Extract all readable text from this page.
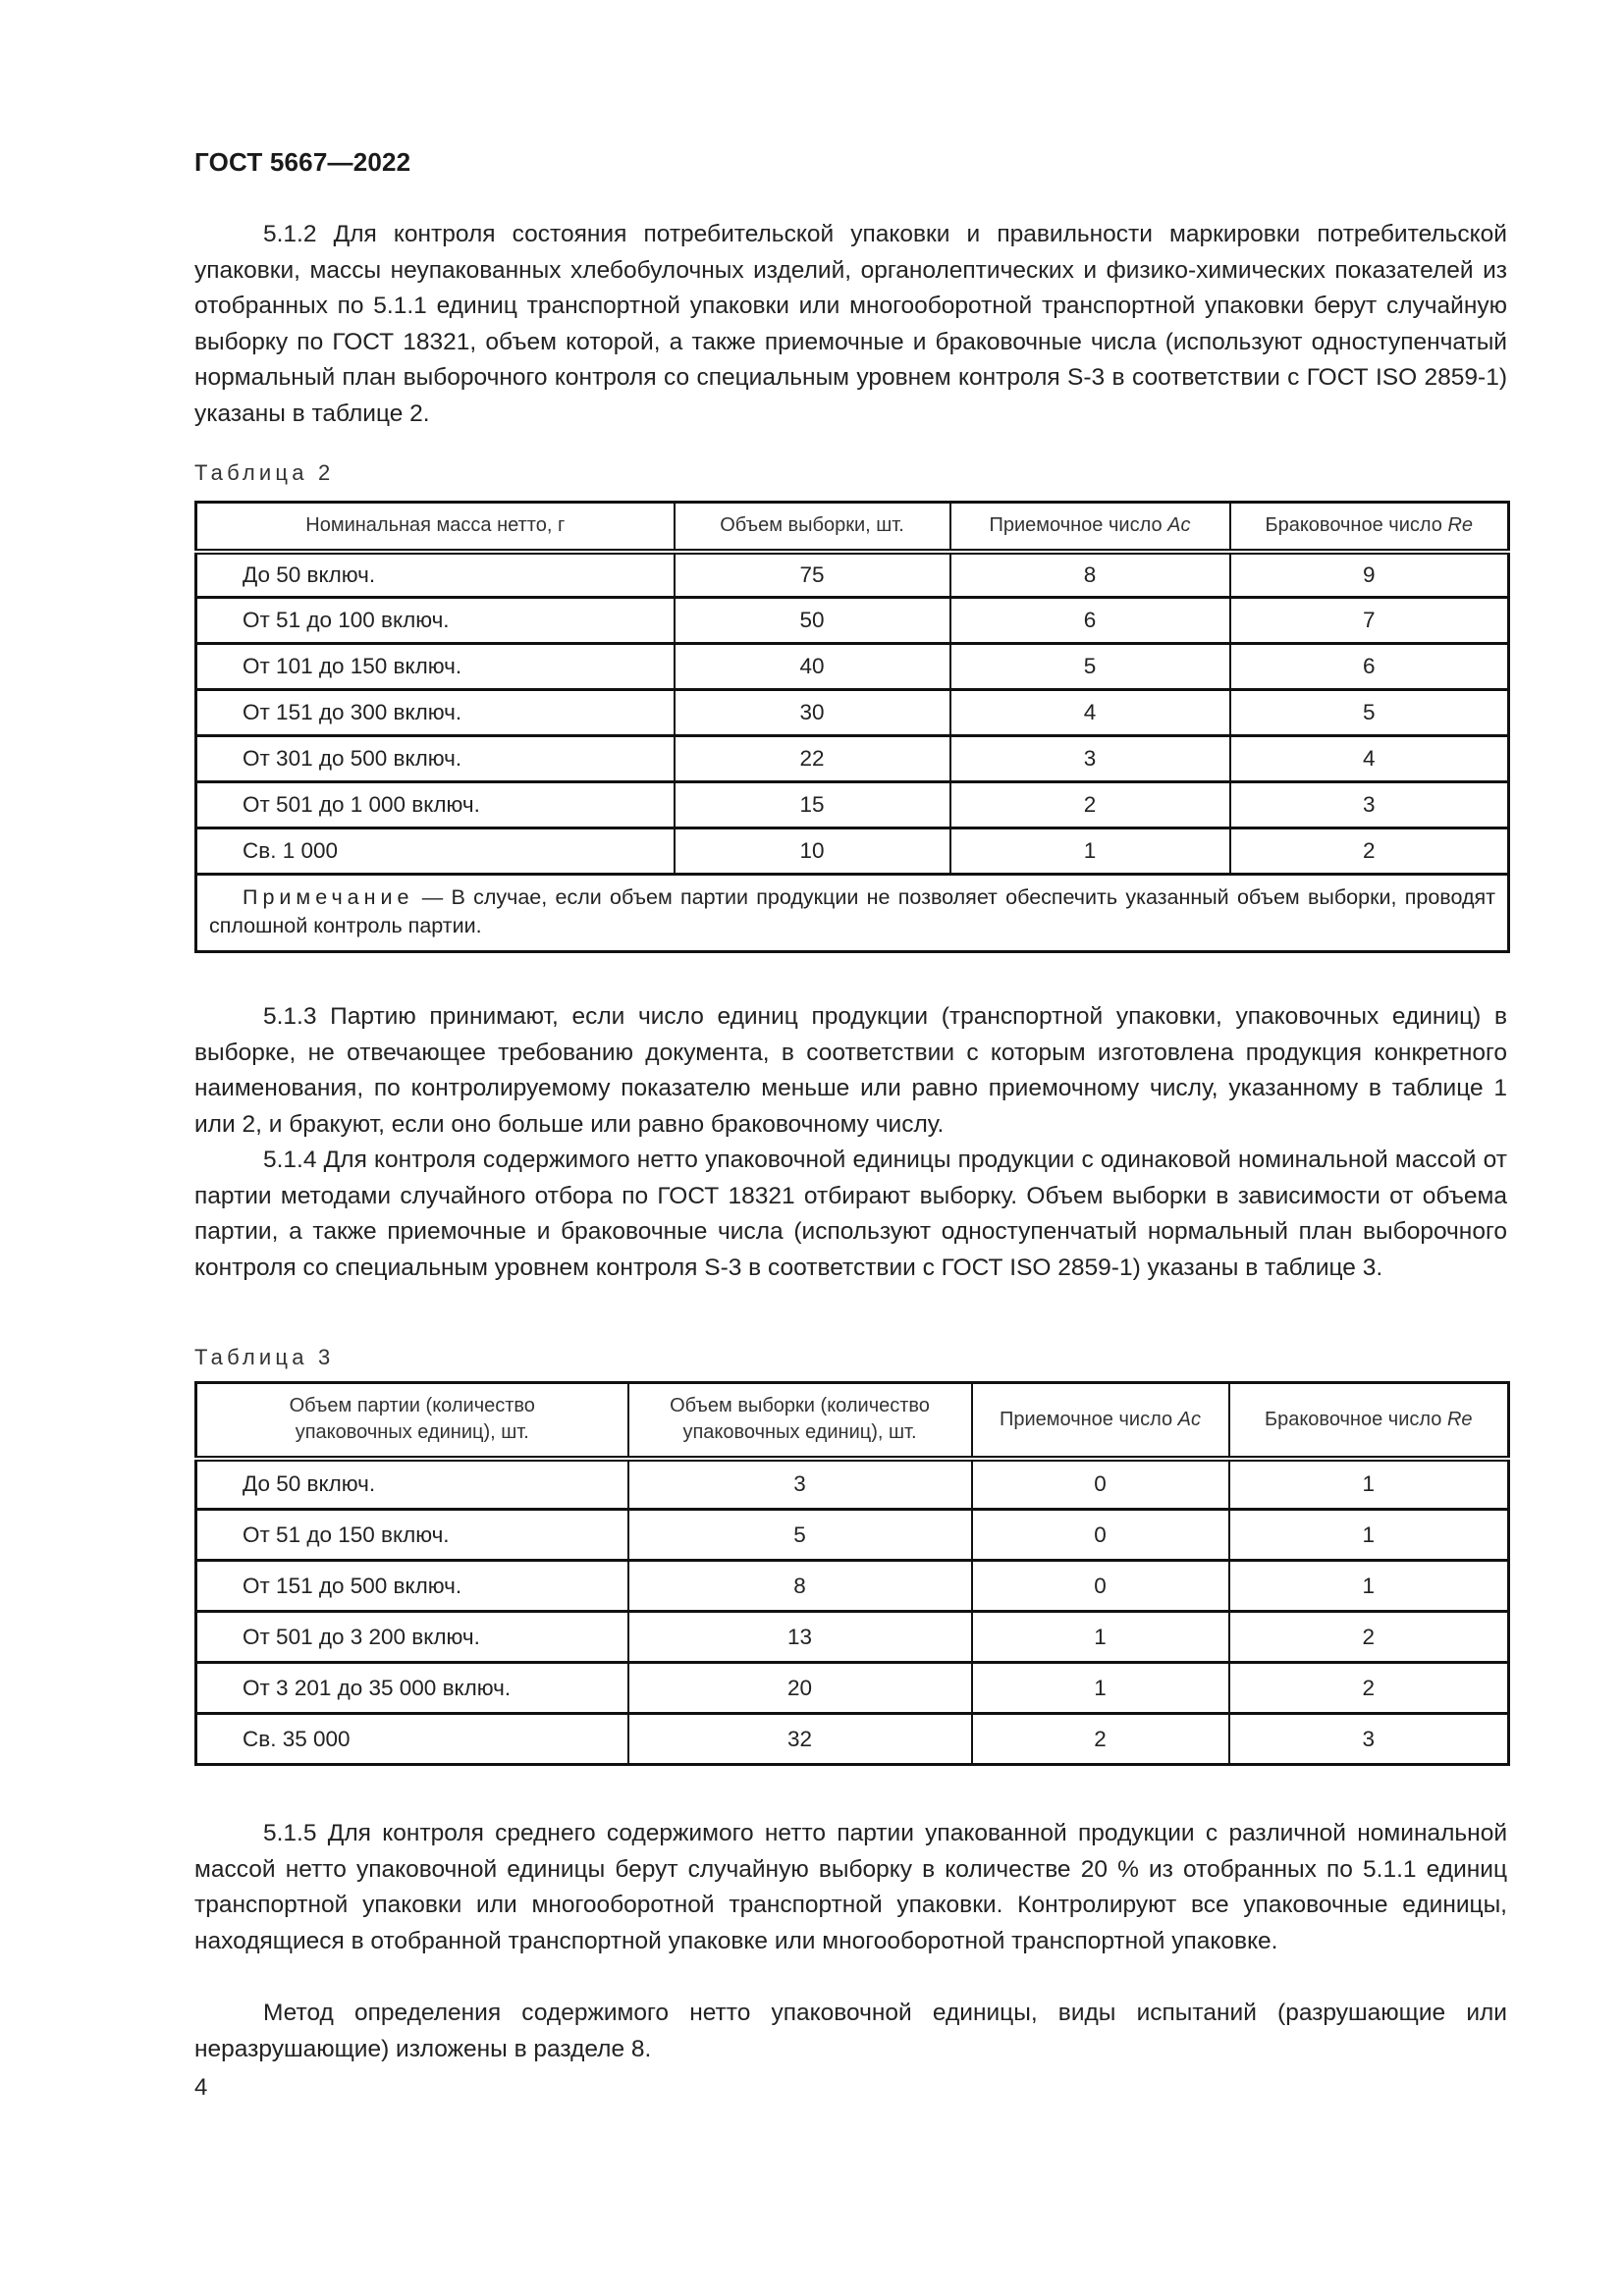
ГОСТ 5667—2022

5.1.2 Для контроля состояния потребительской упаковки и правильности маркировки потребительской упаковки, массы неупакованных хлебобулочных изделий, органолептических и физико-химических показателей из отобранных по 5.1.1 единиц транспортной упаковки или многооборотной транспортной упаковки берут случайную выборку по ГОСТ 18321, объем которой, а также приемочные и браковочные числа (используют одноступенчатый нормальный план выборочного контроля со специальным уровнем контроля S-3 в соответствии с ГОСТ ISO 2859-1) указаны в таблице 2.

Таблица 2
Номинальная масса нетто, г	Объем выборки, шт.	Приемочное число Ac	Браковочное число Re
До 50 включ.	75	8	9
От 51 до 100 включ.	50	6	7
От 101 до 150 включ.	40	5	6
От 151 до 300 включ.	30	4	5
От 301 до 500 включ.	22	3	4
От 501 до 1 000 включ.	15	2	3
Св. 1 000	10	1	2
Примечание — В случае, если объем партии продукции не позволяет обеспечить указанный объем выборки, проводят сплошной контроль партии.			

5.1.3 Партию принимают, если число единиц продукции (транспортной упаковки, упаковочных единиц) в выборке, не отвечающее требованию документа, в соответствии с которым изготовлена продукция конкретного наименования, по контролируемому показателю меньше или равно приемочному числу, указанному в таблице 1 или 2, и бракуют, если оно больше или равно браковочному числу.

5.1.4 Для контроля содержимого нетто упаковочной единицы продукции с одинаковой номинальной массой от партии методами случайного отбора по ГОСТ 18321 отбирают выборку. Объем выборки в зависимости от объема партии, а также приемочные и браковочные числа (используют одноступенчатый нормальный план выборочного контроля со специальным уровнем контроля S-3 в соответствии с ГОСТ ISO 2859-1) указаны в таблице 3.

Таблица 3
Объем партии (количество упаковочных единиц), шт.	Объем выборки (количество упаковочных единиц), шт.	Приемочное число Ac	Браковочное число Re
До 50 включ.	3	0	1
От 51 до 150 включ.	5	0	1
От 151 до 500 включ.	8	0	1
От 501 до 3 200 включ.	13	1	2
От 3 201 до 35 000 включ.	20	1	2
Св. 35 000	32	2	3

5.1.5 Для контроля среднего содержимого нетто партии упакованной продукции с различной номинальной массой нетто упаковочной единицы берут случайную выборку в количестве 20 % из отобранных по 5.1.1 единиц транспортной упаковки или многооборотной транспортной упаковки. Контролируют все упаковочные единицы, находящиеся в отобранной транспортной упаковке или многооборотной транспортной упаковке.

Метод определения содержимого нетто упаковочной единицы, виды испытаний (разрушающие или неразрушающие) изложены в разделе 8.

4
